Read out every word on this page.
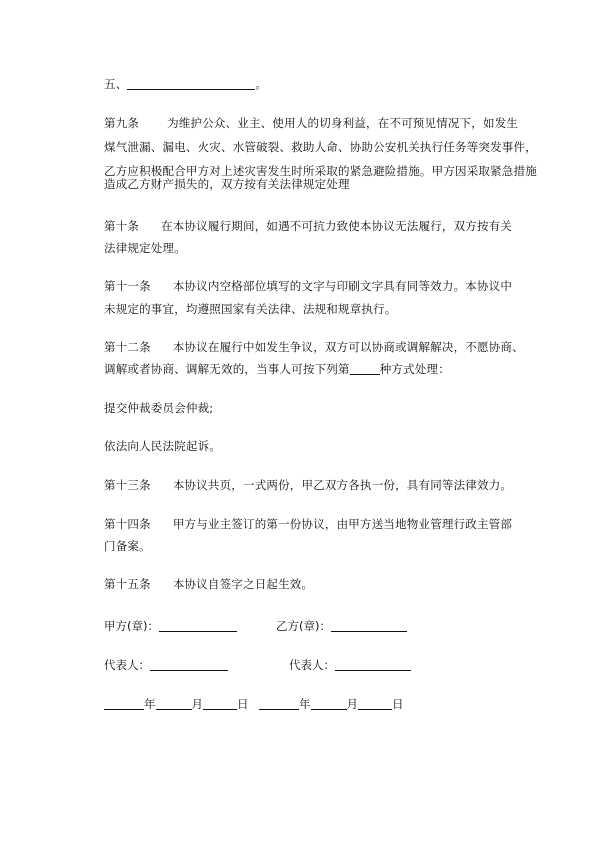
五、	。
第九条 为维护公众、业主、使用人的切身利益，在不可预见情况下，如发生
煤气泄漏、漏电、火灾、水管破裂、救助人命、协助公安机关执行任务等突发事件，
乙方应积极配合甲方对上述灾害发生时所采取的紧急避险措施。甲方因采取紧急措施
造成乙方财产损失的，双方按有关法律规定处理
第十条 在本协议履行期间，如遇不可抗力致使本协议无法履行，双方按有关
法律规定处理。
第十一条 本协议内空格部位填写的文字与印刷文字具有同等效力。本协议中
未规定的事宜，均遵照国家有关法律、法规和规章执行。
第十二条 本协议在履行中如发生争议，双方可以协商或调解解决，不愿协商、
调解或者协商、调解无效的，当事人可按下列第	种方式处理：
提交仲裁委员会仲裁;
依法向人民法院起诉。
第十三条 本协议共页，一式两份，甲乙双方各执一份，具有同等法律效力。
第十四条 甲方与业主签订的第一份协议，由甲方送当地物业管理行政主管部
门备案。
第十五条 本协议自签字之日起生效。
甲方(章)：	乙方(章)：
代表人：	代表人：
年	月	日	年	月	日
